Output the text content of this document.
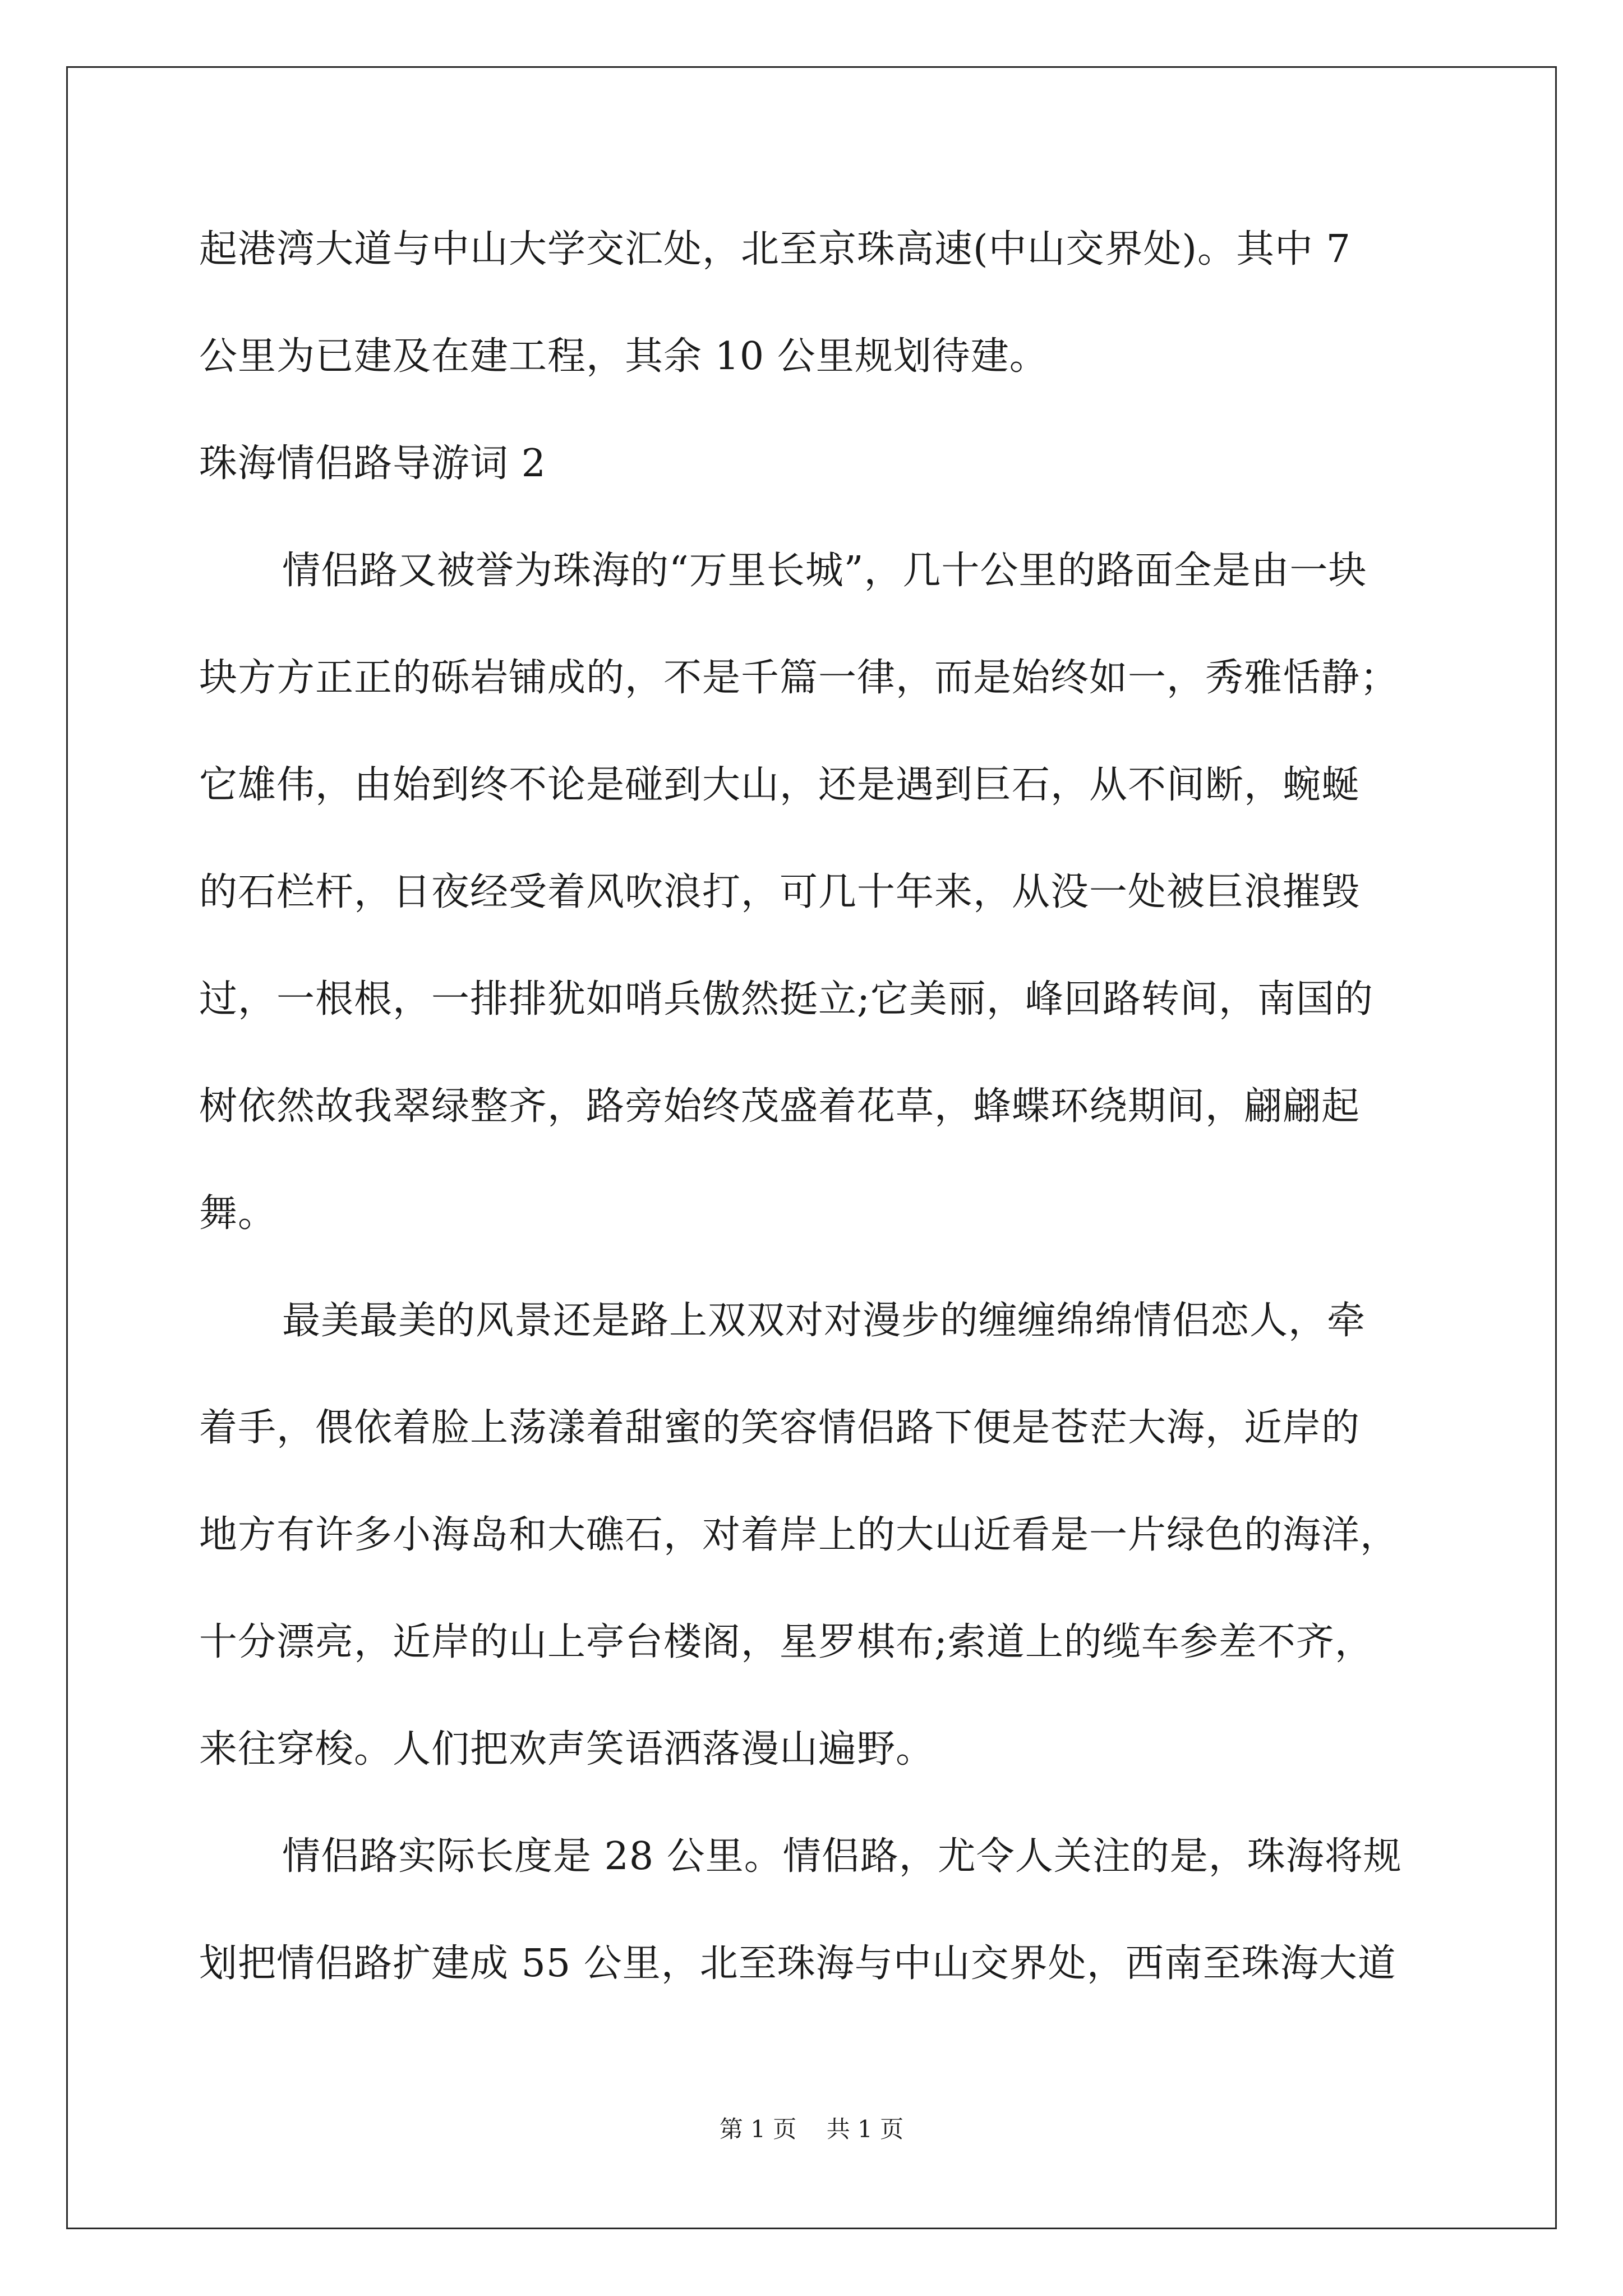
起港湾大道与中山大学交汇处，北至京珠高速(中山交界处)。其中 7
公里为已建及在建工程，其余 10 公里规划待建。
珠海情侣路导游词 2
情侣路又被誉为珠海的“万里长城”，几十公里的路面全是由一块
块方方正正的砾岩铺成的，不是千篇一律，而是始终如一，秀雅恬静；
它雄伟，由始到终不论是碰到大山，还是遇到巨石，从不间断，蜿蜒
的石栏杆，日夜经受着风吹浪打，可几十年来，从没一处被巨浪摧毁
过，一根根，一排排犹如哨兵傲然挺立;它美丽，峰回路转间，南国的
树依然故我翠绿整齐，路旁始终茂盛着花草，蜂蝶环绕期间，翩翩起
舞。
最美最美的风景还是路上双双对对漫步的缠缠绵绵情侣恋人，牵
着手，偎依着脸上荡漾着甜蜜的笑容情侣路下便是苍茫大海，近岸的
地方有许多小海岛和大礁石，对着岸上的大山近看是一片绿色的海洋，
十分漂亮，近岸的山上亭台楼阁，星罗棋布;索道上的缆车参差不齐，
来往穿梭。人们把欢声笑语洒落漫山遍野。
情侣路实际长度是 28 公里。情侣路，尤令人关注的是，珠海将规
划把情侣路扩建成 55 公里，北至珠海与中山交界处，西南至珠海大道
第 1 页    共 1 页
